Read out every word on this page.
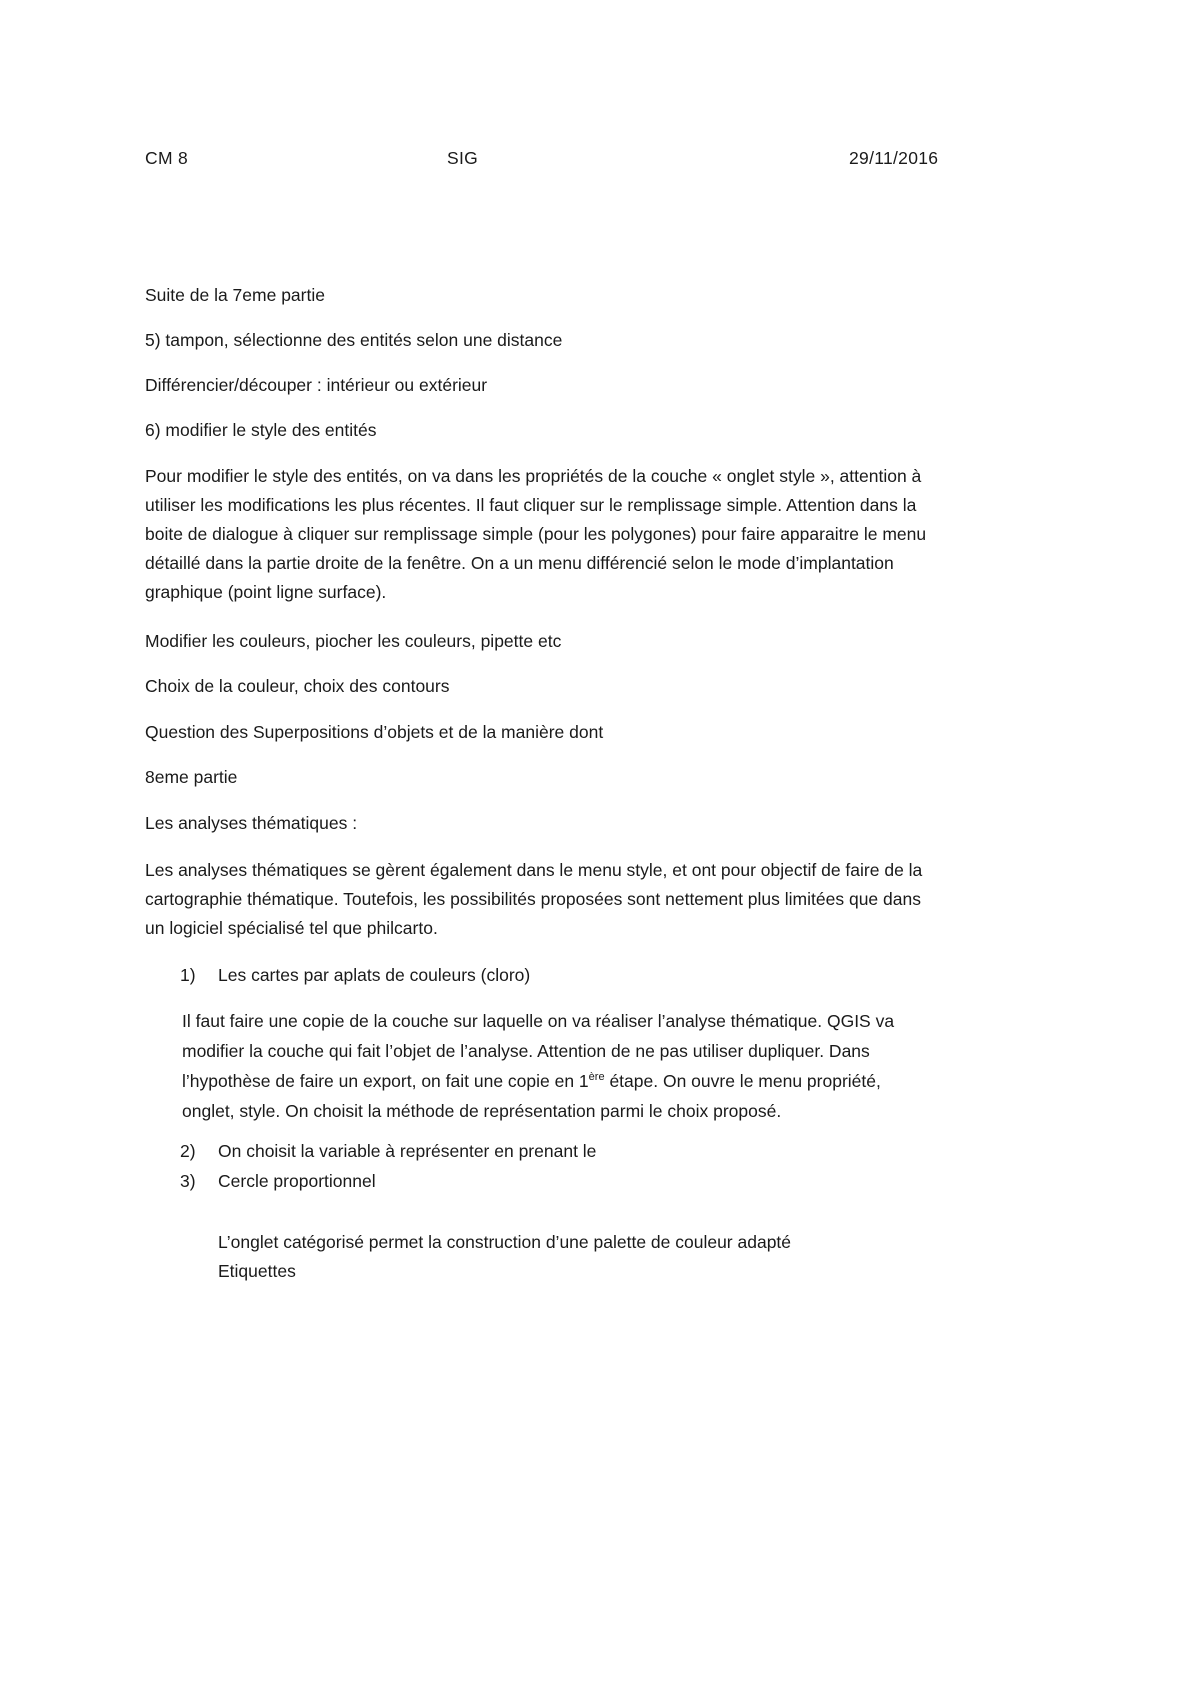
CM 8	SIG	29/11/2016

Suite de la 7eme partie

5) tampon, sélectionne des entités selon une distance

Différencier/découper : intérieur ou extérieur

6) modifier le style des entités

Pour modifier le style des entités, on va dans les propriétés de la couche « onglet style », attention à
utiliser les modifications les plus récentes. Il faut cliquer sur le remplissage simple. Attention dans la
boite de dialogue à cliquer sur remplissage simple (pour les polygones) pour faire apparaitre le menu
détaillé dans la partie droite de la fenêtre. On a un menu différencié selon le mode d’implantation
graphique (point ligne surface).

Modifier les couleurs, piocher les couleurs, pipette etc

Choix de la couleur, choix des contours

Question des Superpositions d’objets et de la manière dont

8eme partie

Les analyses thématiques :

Les analyses thématiques se gèrent également dans le menu style, et ont pour objectif de faire de la
cartographie thématique. Toutefois, les possibilités proposées sont nettement plus limitées que dans
un logiciel spécialisé tel que philcarto.

1) Les cartes par aplats de couleurs (cloro)

Il faut faire une copie de la couche sur laquelle on va réaliser l’analyse thématique. QGIS va
modifier la couche qui fait l’objet de l’analyse. Attention de ne pas utiliser dupliquer. Dans
l’hypothèse de faire un export, on fait une copie en 1ère étape. On ouvre le menu propriété,
onglet, style. On choisit la méthode de représentation parmi le choix proposé.

2) On choisit la variable à représenter en prenant le

3) Cercle proportionnel

L’onglet catégorisé permet la construction d’une palette de couleur adapté

Etiquettes
